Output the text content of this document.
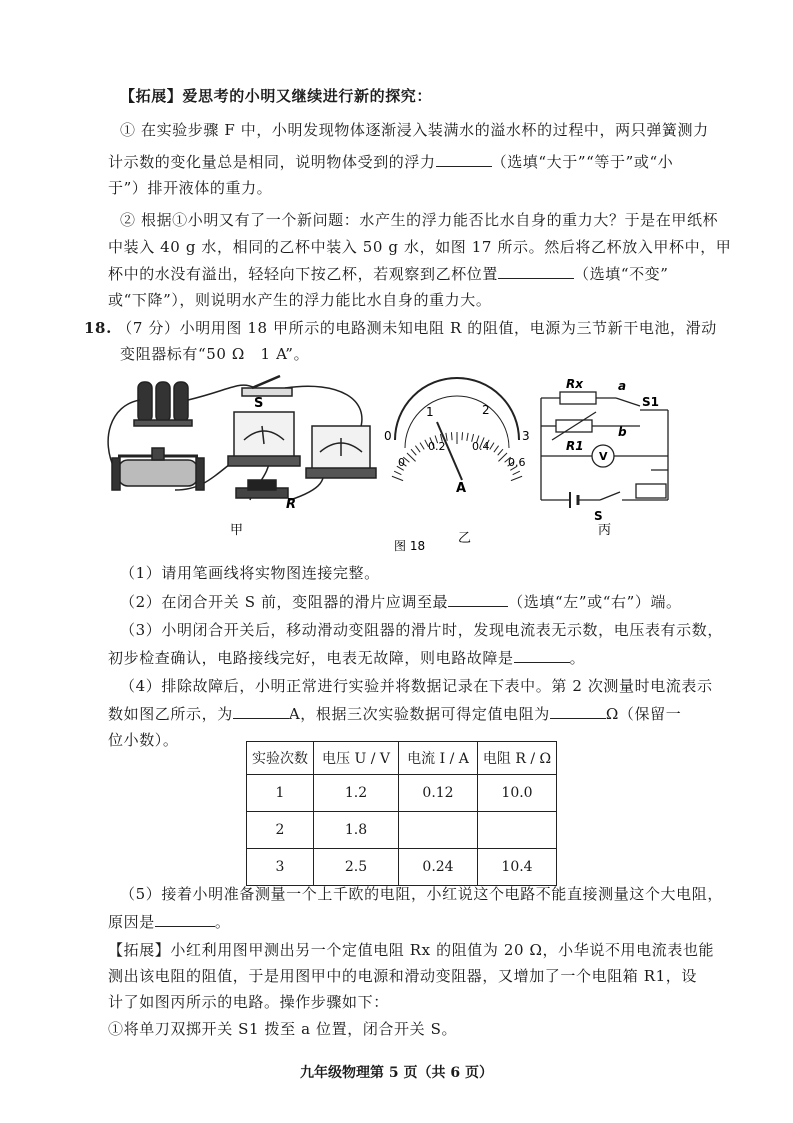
【拓展】爱思考的小明又继续进行新的探究：
① 在实验步骤 F 中，小明发现物体逐渐浸入装满水的溢水杯的过程中，两只弹簧测力
计示数的变化量总是相同，说明物体受到的浮力	（选填“大于”“等于”或“小
于”）排开液体的重力。
② 根据①小明又有了一个新问题：水产生的浮力能否比水自身的重力大？于是在甲纸杯
中装入 40 g 水，相同的乙杯中装入 50 g 水，如图 17 所示。然后将乙杯放入甲杯中，甲
杯中的水没有溢出，轻轻向下按乙杯，若观察到乙杯位置	（选填“不变”
或“下降”），则说明水产生的浮力能比水自身的重力大。
18. （7 分）小明用图 18 甲所示的电路测未知电阻 R 的阻值，电源为三节新干电池，滑动
变阻器标有“50 Ω　1 A”。
S
R
0
1	2
3
0
0.2 0.4
0.6
A
Rx
R1
a
b
S1
V
S
甲
乙
丙
图 18
（1）请用笔画线将实物图连接完整。
（2）在闭合开关 S 前，变阻器的滑片应调至最	（选填“左”或“右”）端。
（3）小明闭合开关后，移动滑动变阻器的滑片时，发现电流表无示数，电压表有示数，
初步检查确认，电路接线完好，电表无故障，则电路故障是	。
（4）排除故障后，小明正常进行实验并将数据记录在下表中。第 2 次测量时电流表示
数如图乙所示，为	A，根据三次实验数据可得定值电阻为	Ω（保留一
位小数）。
实验次数	电压 U / V	电流 I / A	电阻 R / Ω
1	1.2	0.12	10.0
2	1.8		
3	2.5	0.24	10.4
（5）接着小明准备测量一个上千欧的电阻，小红说这个电路不能直接测量这个大电阻，
原因是	。
【拓展】小红利用图甲测出另一个定值电阻 Rx 的阻值为 20 Ω，小华说不用电流表也能
测出该电阻的阻值，于是用图甲中的电源和滑动变阻器，又增加了一个电阻箱 R1，设
计了如图丙所示的电路。操作步骤如下：
①将单刀双掷开关 S1 拨至 a 位置，闭合开关 S。
九年级物理第 5 页（共 6 页）
